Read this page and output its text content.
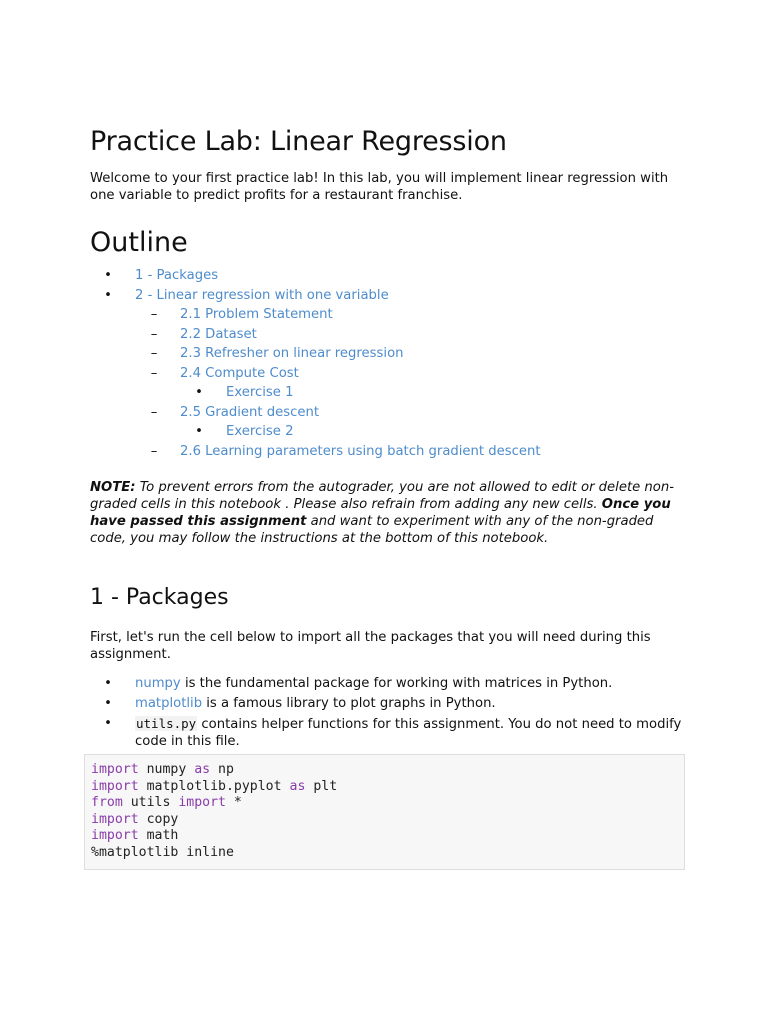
Practice Lab: Linear Regression

Welcome to your first practice lab! In this lab, you will implement linear regression with one variable to predict profits for a restaurant franchise.

Outline
• 1 - Packages
• 2 - Linear regression with one variable
– 2.1 Problem Statement
– 2.2 Dataset
– 2.3 Refresher on linear regression
– 2.4 Compute Cost
• Exercise 1
– 2.5 Gradient descent
• Exercise 2
– 2.6 Learning parameters using batch gradient descent

NOTE: To prevent errors from the autograder, you are not allowed to edit or delete non-graded cells in this notebook . Please also refrain from adding any new cells. Once you have passed this assignment and want to experiment with any of the non-graded code, you may follow the instructions at the bottom of this notebook.

1 - Packages

First, let's run the cell below to import all the packages that you will need during this assignment.

• numpy is the fundamental package for working with matrices in Python.
• matplotlib is a famous library to plot graphs in Python.
• utils.py contains helper functions for this assignment. You do not need to modify code in this file.
import numpy as np
import matplotlib.pyplot as plt
from utils import *
import copy
import math
%matplotlib inline
